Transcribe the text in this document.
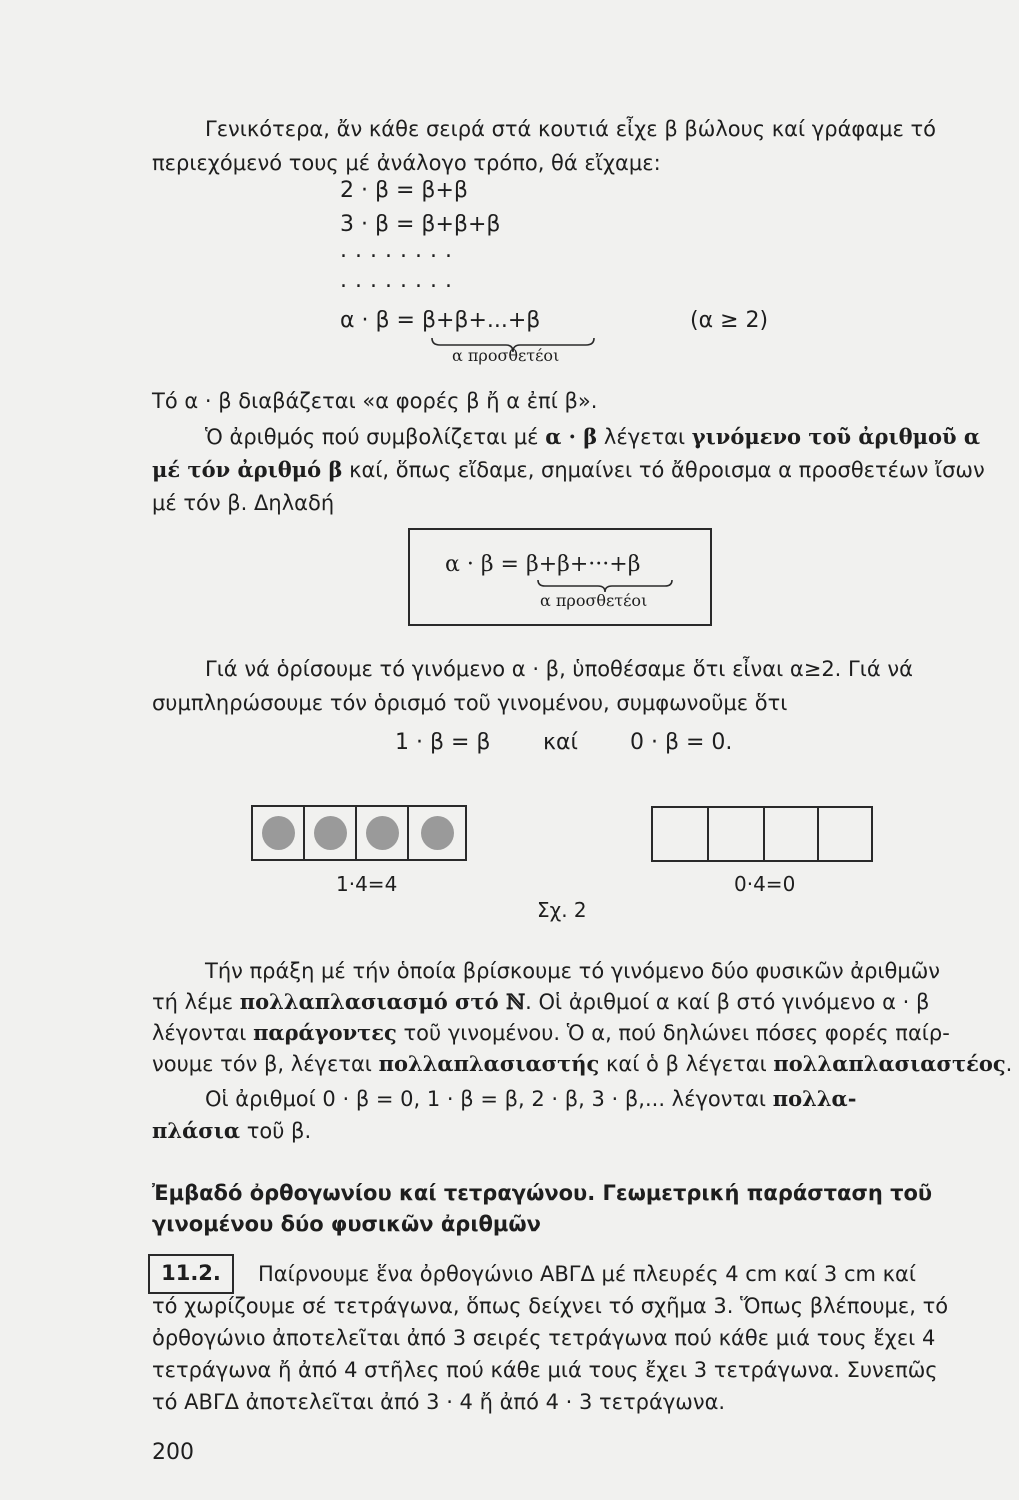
Γενικότερα, ἄν κάθε σειρά στά κουτιά εἶχε β βώλους καί γράφαμε τό

περιεχόμενό τους μέ ἀνάλογο τρόπο, θά εἴχαμε:

2 · β = β+β
3 · β = β+β+β
........
........
α · β = β+β+...+β	(α ≥ 2)
α προσθετέοι

Τό α · β διαβάζεται «α φορές β ἤ α ἐπί β».

Ὁ ἀριθμός πού συμβολίζεται μέ α · β λέγεται γινόμενο τοῦ ἀριθμοῦ α

μέ τόν ἀριθμό β καί, ὅπως εἴδαμε, σημαίνει τό ἄθροισμα α προσθετέων ἴσων

μέ τόν β. Δηλαδή

α · β = β+β+···+β
α προσθετέοι

Γιά νά ὁρίσουμε τό γινόμενο α · β, ὑποθέσαμε ὅτι εἶναι α≥2. Γιά νά

συμπληρώσουμε τόν ὁρισμό τοῦ γινομένου, συμφωνοῦμε ὅτι

1 · β = β καί 0 · β = 0.
1·4=4	0·4=0
Σχ. 2

Τήν πράξη μέ τήν ὁποία βρίσκουμε τό γινόμενο δύο φυσικῶν ἀριθμῶν

τή λέμε πολλαπλασιασμό στό ℕ. Οἱ ἀριθμοί α καί β στό γινόμενο α · β

λέγονται παράγοντες τοῦ γινομένου. Ὁ α, πού δηλώνει πόσες φορές παίρ-

νουμε τόν β, λέγεται πολλαπλασιαστής καί ὁ β λέγεται πολλαπλασιαστέος.

Οἱ ἀριθμοί 0 · β = 0, 1 · β = β, 2 · β, 3 · β,... λέγονται πολλα-

πλάσια τοῦ β.

Ἐμβαδό ὀρθογωνίου καί τετραγώνου. Γεωμετρική παράσταση τοῦ

γινομένου δύο φυσικῶν ἀριθμῶν

11.2.	Παίρνουμε ἕνα ὀρθογώνιο ΑΒΓΔ μέ πλευρές 4 cm καί 3 cm καί

τό χωρίζουμε σέ τετράγωνα, ὅπως δείχνει τό σχῆμα 3. Ὅπως βλέπουμε, τό

ὀρθογώνιο ἀποτελεῖται ἀπό 3 σειρές τετράγωνα πού κάθε μιά τους ἔχει 4

τετράγωνα ἤ ἀπό 4 στῆλες πού κάθε μιά τους ἔχει 3 τετράγωνα. Συνεπῶς

τό ΑΒΓΔ ἀποτελεῖται ἀπό 3 · 4 ἤ ἀπό 4 · 3 τετράγωνα.

200
